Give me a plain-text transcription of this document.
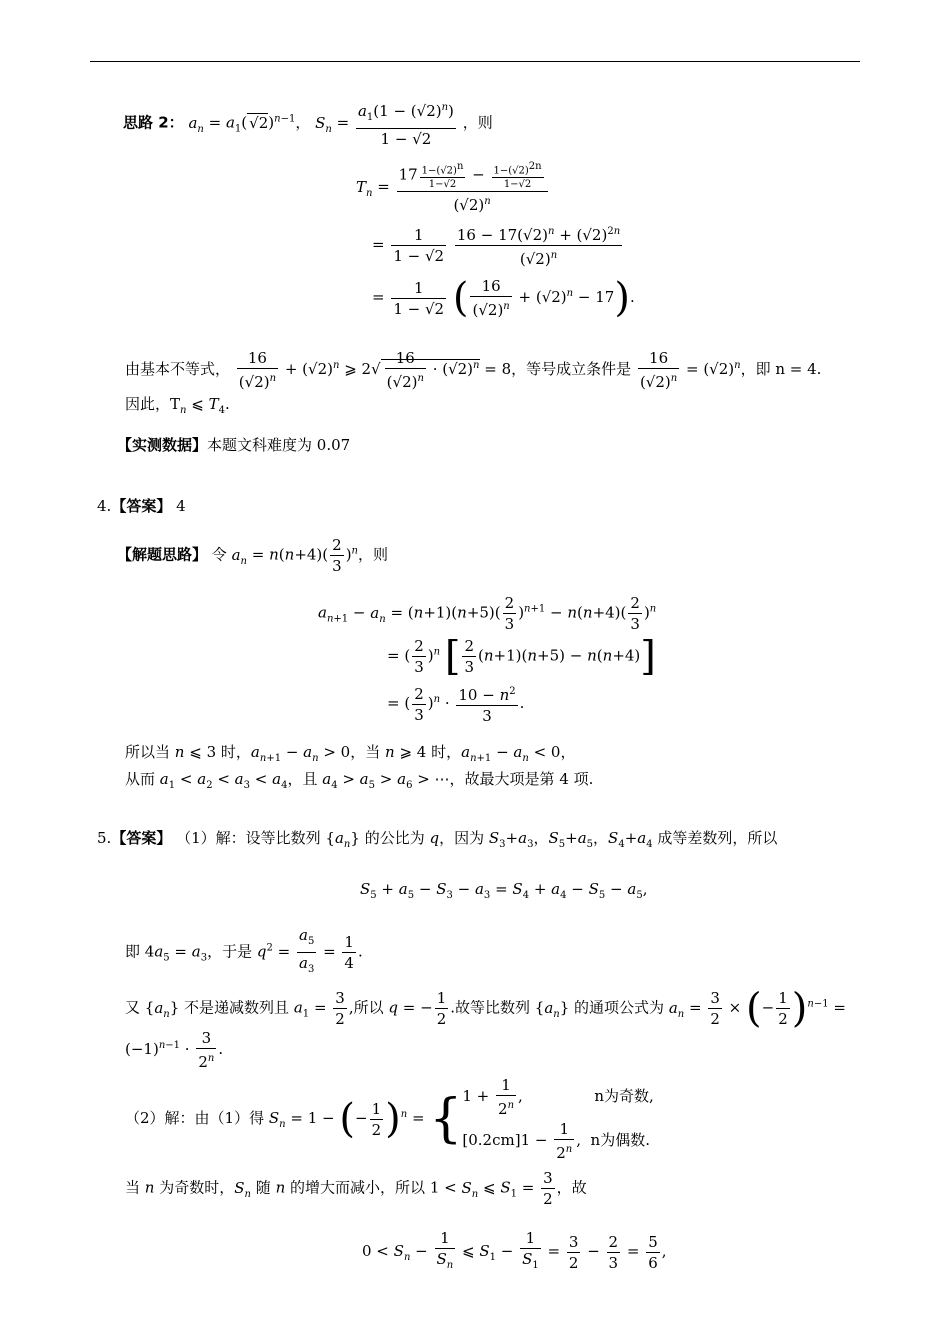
思路 2： $a_n = a_1$( √2)$^{n-1}$， $S_n = \frac{a_1(1 - (√2)^n)}{1 - √2}$ ，则
$T_n = \frac{17 \frac{1-(√2)^n}{1-√2} - \frac{1-(√2)^{2n}}{1-√2}}{(√2)^n}$
= $\frac{1}{1 - √2}$
$\frac{16 - 17(√2)^n + (√2)^{2n}}{(√2)^n}$
= $\frac{1}{1 - √2}$ ( $\frac{16}{(√2)^n} + (√2)^n - 17$).
由基本不等式， $\frac{16}{(√2)^n} + (√2)^n$ ⩾ $2√ \frac{16}{(√2)^n} \cdot (√2)^n = 8$，等号成立条件是 $\frac{16}{(√2)^n} = (√2)^n$，即 n = 4.
因此，$T_n$ ⩽ $T_4$.
【实测数据】本题文科难度为 0.07
4.【答案】 4
【解题思路】 令 $a_n = n(n+4)( \frac{2}{3} )^n$，则
$a_{n+1} - a_n = (n+1)(n+5)( \frac{2}{3} )^{n+1} - n(n+4)( \frac{2}{3} )^n$
= ( $\frac{2}{3} )^n$ [ $\frac{2}{3} (n+1)(n+5) - n(n+4)$]
= ( $\frac{2}{3} )^n \cdot \frac{10 - n^2}{3}$ .
所以当 n ⩽ 3 时，$a_{n+1} - a_n > 0$，当 n ⩾ 4 时，$a_{n+1} - a_n < 0$，
从而 $a_1 < a_2 < a_3 < a_4$，且 $a_4 > a_5 > a_6$ > ⋯，故最大项是第 4 项.
5.【答案】 （1）解：设等比数列 $\{a_n\}$ 的公比为 q，因为 $S_3+a_3$，$S_5+a_5$，$S_4+a_4$ 成等差数列，所以
$S_5 + a_5 - S_3 - a_3 = S_4 + a_4 - S_5 - a_5$,
即 $4a_5 = a_3$，于是 $q^2 = \frac{a_5}{a_3} = \frac{1}{4}$ .
又 $\{a_n\}$ 不是递减数列且 $a_1 = \frac{3}{2}$ ,所以 q = − $\frac{1}{2}$ .故等比数列 $\{a_n\}$ 的通项公式为 $a_n = \frac{3}{2}$ × (− $\frac{1}{2} )^{n-1}$ =
$(-1)^{n-1} \cdot \frac{3}{2^n}$ .
（2）解：由（1）得 $S_n = 1$ − (− $\frac{1}{2} )^n$ = { $1 + \frac{1}{2^n}$ ,               n为奇数,
$[0.2cm]1 - \frac{1}{2^n}$ ,  n为偶数.
当 n 为奇数时，$S_n$ 随 n 的增大而减小，所以 $1 < S_n$ ⩽ $S_1 = \frac{3}{2}$ ，故
$0 < S_n - \frac{1}{S_n}$ ⩽ $S_1 - \frac{1}{S_1} = \frac{3}{2} - \frac{2}{3} = \frac{5}{6}$ ,
